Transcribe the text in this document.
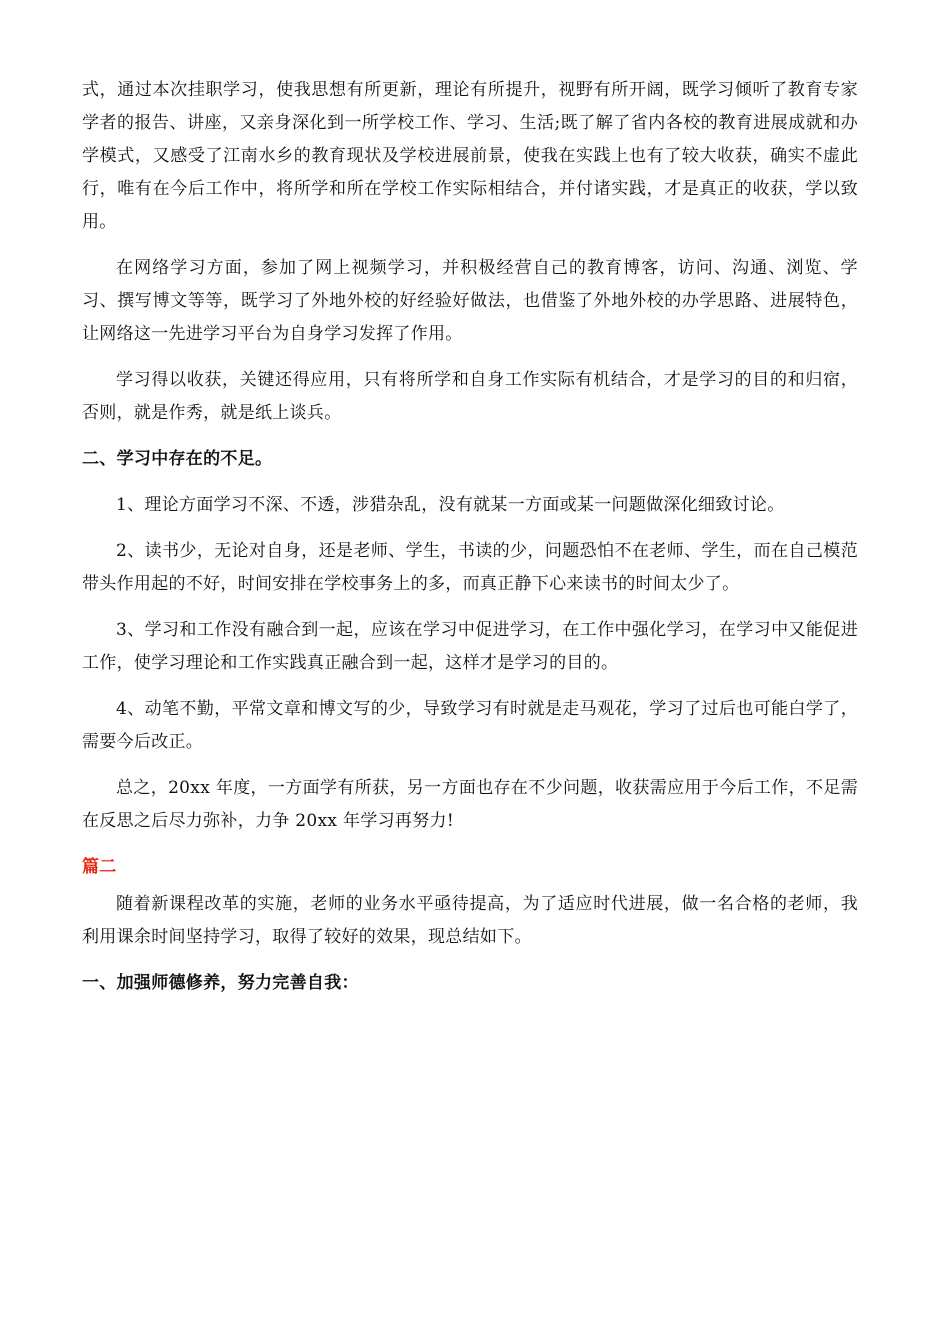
式，通过本次挂职学习，使我思想有所更新，理论有所提升，视野有所开阔，既学习倾听了教育专家学者的报告、讲座，又亲身深化到一所学校工作、学习、生活;既了解了省内各校的教育进展成就和办学模式，又感受了江南水乡的教育现状及学校进展前景，使我在实践上也有了较大收获，确实不虚此行，唯有在今后工作中，将所学和所在学校工作实际相结合，并付诸实践，才是真正的收获，学以致用。

在网络学习方面，参加了网上视频学习，并积极经营自己的教育博客，访问、沟通、浏览、学习、撰写博文等等，既学习了外地外校的好经验好做法，也借鉴了外地外校的办学思路、进展特色，让网络这一先进学习平台为自身学习发挥了作用。

学习得以收获，关键还得应用，只有将所学和自身工作实际有机结合，才是学习的目的和归宿，否则，就是作秀，就是纸上谈兵。

二、学习中存在的不足。

1、理论方面学习不深、不透，涉猎杂乱，没有就某一方面或某一问题做深化细致讨论。

2、读书少，无论对自身，还是老师、学生，书读的少，问题恐怕不在老师、学生，而在自己模范带头作用起的不好，时间安排在学校事务上的多，而真正静下心来读书的时间太少了。

3、学习和工作没有融合到一起，应该在学习中促进学习，在工作中强化学习，在学习中又能促进工作，使学习理论和工作实践真正融合到一起，这样才是学习的目的。

4、动笔不勤，平常文章和博文写的少，导致学习有时就是走马观花，学习了过后也可能白学了，需要今后改正。

总之，20xx 年度，一方面学有所获，另一方面也存在不少问题，收获需应用于今后工作，不足需在反思之后尽力弥补，力争 20xx 年学习再努力!

篇二

随着新课程改革的实施，老师的业务水平亟待提高，为了适应时代进展，做一名合格的老师，我利用课余时间坚持学习，取得了较好的效果，现总结如下。

一、加强师德修养，努力完善自我：
